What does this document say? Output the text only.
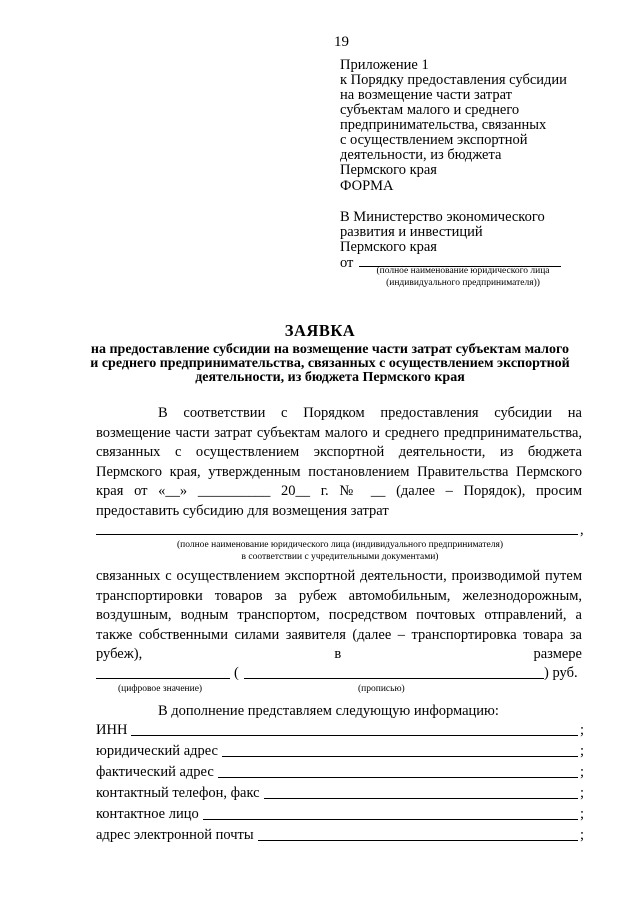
19
Приложение 1
к Порядку предоставления субсидии
на возмещение части затрат
субъектам малого и среднего
предпринимательства, связанных
с осуществлением экспортной
деятельности, из бюджета
Пермского края
ФОРМА
В Министерство экономического
развития и инвестиций
Пермского края
от	(полное наименование юридического лица
(индивидуального предпринимателя))
ЗАЯВКА
на предоставление субсидии на возмещение части затрат субъектам малого и среднего предпринимательства, связанных с осуществлением экспортной деятельности, из бюджета Пермского края
В соответствии с Порядком предоставления субсидии на возмещение части затрат субъектам малого и среднего предпринимательства, связанных с осуществлением экспортной деятельности, из бюджета Пермского края, утвержденным постановлением Правительства Пермского края от «__» __________ 20__ г. № __ (далее – Порядок), просим
предоставить субсидию для возмещения затрат
,
(полное наименование юридического лица (индивидуального предпринимателя)
в соответствии с учредительными документами)
связанных с осуществлением экспортной деятельности, производимой путем транспортировки товаров за рубеж автомобильным, железнодорожным, воздушным, водным транспортом, посредством почтовых отправлений, а также собственными силами заявителя (далее – транспортировка товара за рубеж), в размере
(	) руб.
(цифровое значение)	(прописью)
В дополнение представляем следующую информацию:
ИНН	;
юридический адрес	;
фактический адрес	;
контактный телефон, факс	;
контактное лицо	;
адрес электронной почты	;
